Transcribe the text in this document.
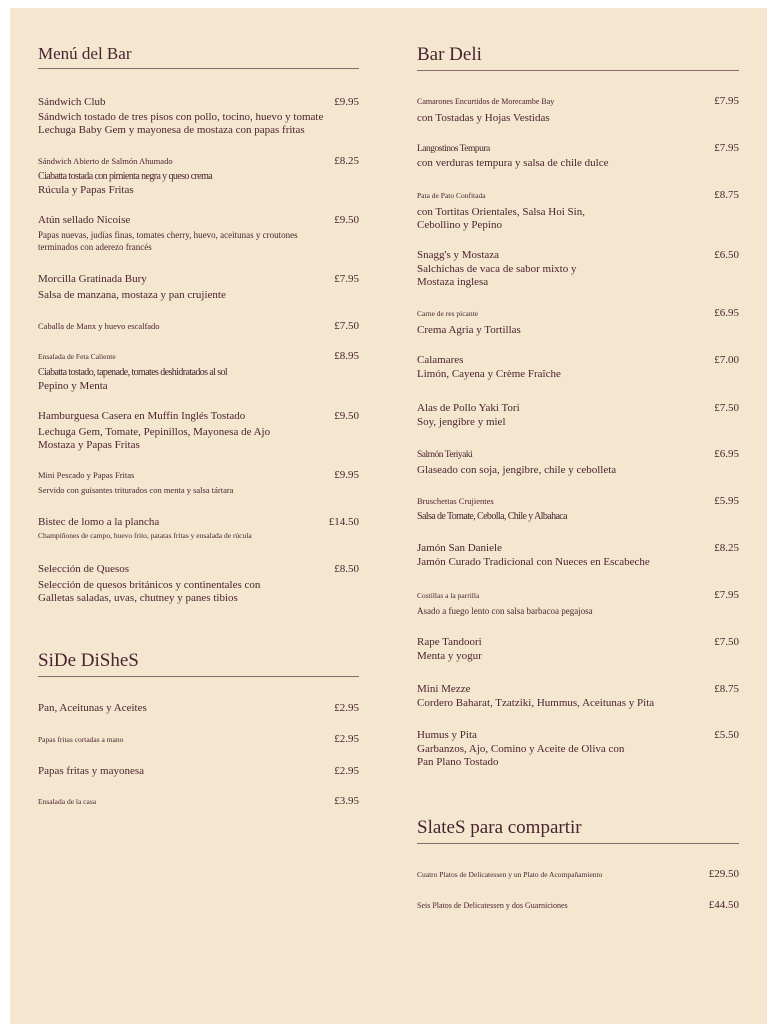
Menú del Bar
Sándwich Club	£9.95
Sándwich tostado de tres pisos con pollo, tocino, huevo y tomate Lechuga Baby Gem y mayonesa de mostaza con papas fritas
Sándwich Abierto de Salmón Ahumado	£8.25
Ciabatta tostada con pimienta negra y queso crema
Rúcula y Papas Fritas
Atún sellado Nicoise	£9.50
Papas nuevas, judías finas, tomates cherry, huevo, aceitunas y croutones terminados con aderezo francés
Morcilla Gratinada Bury	£7.95
Salsa de manzana, mostaza y pan crujiente
Caballa de Manx y huevo escalfado	£7.50
Ensalada de Feta Caliente	£8.95
Ciabatta tostado, tapenade, tomates deshidratados al sol
Pepino y Menta
Hamburguesa Casera en Muffin Inglés Tostado	£9.50
Lechuga Gem, Tomate, Pepinillos, Mayonesa de Ajo Mostaza y Papas Fritas
Mini Pescado y Papas Fritas	£9.95
Servido con guisantes triturados con menta y salsa tártara
Bistec de lomo a la plancha	£14.50
Champiñones de campo, huevo frito, patatas fritas y ensalada de rúcula
Selección de Quesos	£8.50
Selección de quesos británicos y continentales con Galletas saladas, uvas, chutney y panes tibios
SiDe DiSheS
Pan, Aceitunas y Aceites	£2.95
Papas fritas cortadas a mano	£2.95
Papas fritas y mayonesa	£2.95
Ensalada de la casa	£3.95
Bar Deli
Camarones Encurtidos de Morecambe Bay	£7.95
con Tostadas y Hojas Vestidas
Langostinos Tempura	£7.95
con verduras tempura y salsa de chile dulce
Pata de Pato Confitada	£8.75
con Tortitas Orientales, Salsa Hoi Sin, Cebollino y Pepino
Snagg's y Mostaza	£6.50
Salchichas de vaca de sabor mixto y Mostaza inglesa
Carne de res picante	£6.95
Crema Agria y Tortillas
Calamares	£7.00
Limón, Cayena y Crème Fraîche
Alas de Pollo Yaki Tori	£7.50
Soy, jengibre y miel
Salmón Teriyaki	£6.95
Glaseado con soja, jengibre, chile y cebolleta
Bruschettas Crujientes	£5.95
Salsa de Tomate, Cebolla, Chile y Albahaca
Jamón San Daniele	£8.25
Jamón Curado Tradicional con Nueces en Escabeche
Costillas a la parrilla	£7.95
Asado a fuego lento con salsa barbacoa pegajosa
Rape Tandoori	£7.50
Menta y yogur
Mini Mezze	£8.75
Cordero Baharat, Tzatziki, Hummus, Aceitunas y Pita
Humus y Pita	£5.50
Garbanzos, Ajo, Comino y Aceite de Oliva con Pan Plano Tostado
SlateS para compartir
Cuatro Platos de Delicatessen y un Plato de Acompañamiento	£29.50
Seis Platos de Delicatessen y dos Guarniciones	£44.50
